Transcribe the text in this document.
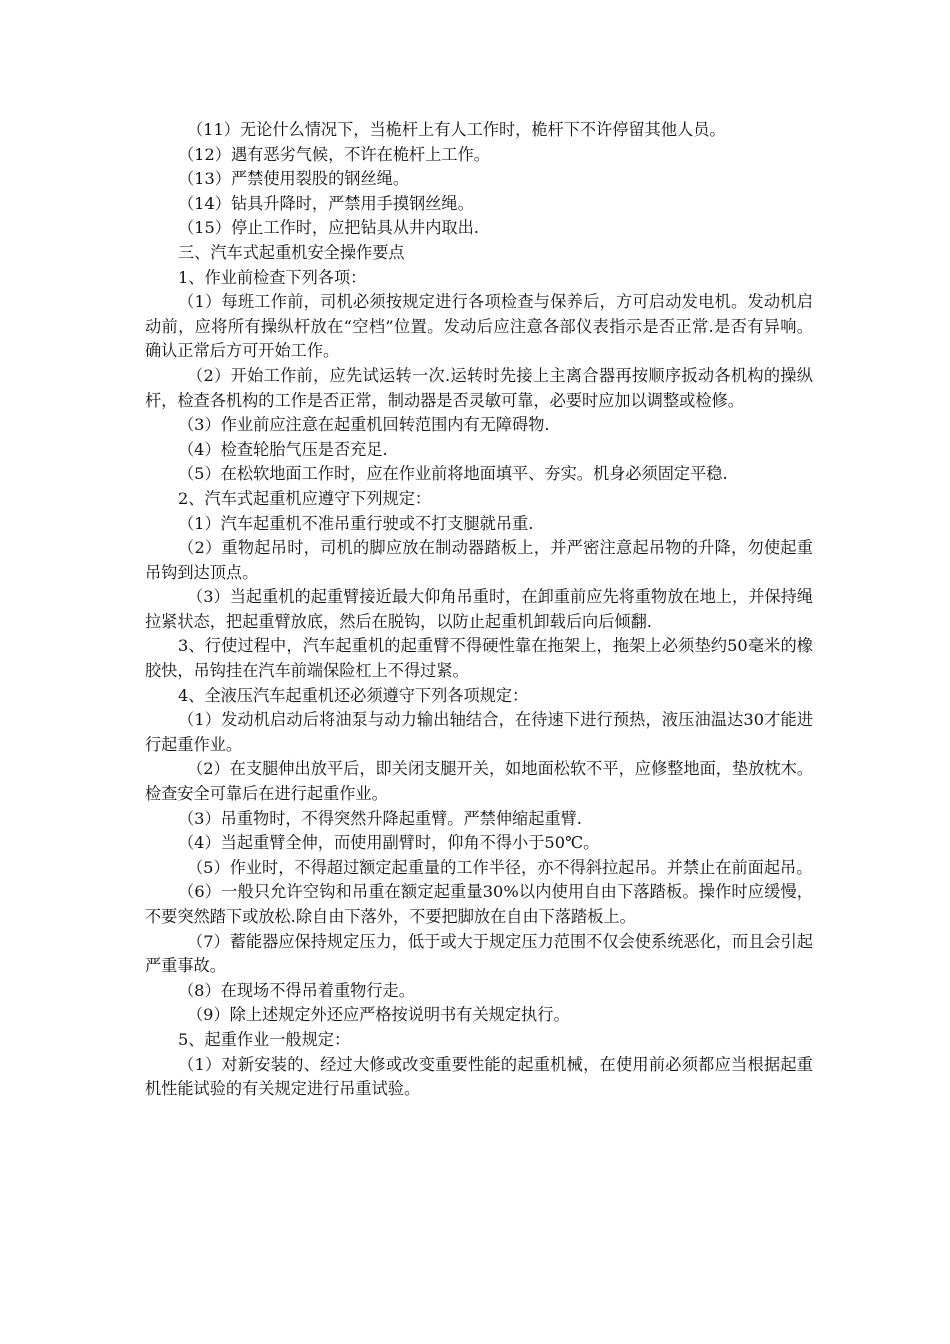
（11）无论什么情况下，当桅杆上有人工作时，桅杆下不许停留其他人员。

（12）遇有恶劣气候，不许在桅杆上工作。

（13）严禁使用裂股的钢丝绳。

（14）钻具升降时，严禁用手摸钢丝绳。

（15）停止工作时，应把钻具从井内取出.

三、汽车式起重机安全操作要点

1、作业前检查下列各项：

（1）每班工作前，司机必须按规定进行各项检查与保养后，方可启动发电机。发动机启动前，应将所有操纵杆放在“空档”位置。发动后应注意各部仪表指示是否正常.是否有异响。确认正常后方可开始工作。

（2）开始工作前，应先试运转一次.运转时先接上主离合器再按顺序扳动各机构的操纵杆，检查各机构的工作是否正常，制动器是否灵敏可靠，必要时应加以调整或检修。

（3）作业前应注意在起重机回转范围内有无障碍物.

（4）检查轮胎气压是否充足.

（5）在松软地面工作时，应在作业前将地面填平、夯实。机身必须固定平稳.

2、汽车式起重机应遵守下列规定：

（1）汽车起重机不准吊重行驶或不打支腿就吊重.

（2）重物起吊时，司机的脚应放在制动器踏板上，并严密注意起吊物的升降，勿使起重吊钩到达顶点。

（3）当起重机的起重臂接近最大仰角吊重时，在卸重前应先将重物放在地上，并保持绳拉紧状态，把起重臂放底，然后在脱钩，以防止起重机卸载后向后倾翻.

3、行使过程中，汽车起重机的起重臂不得硬性靠在拖架上，拖架上必须垫约50毫米的橡胶快，吊钩挂在汽车前端保险杠上不得过紧。

4、全液压汽车起重机还必须遵守下列各项规定：

（1）发动机启动后将油泵与动力输出轴结合，在待速下进行预热，液压油温达30才能进行起重作业。

（2）在支腿伸出放平后，即关闭支腿开关，如地面松软不平，应修整地面，垫放枕木。检查安全可靠后在进行起重作业。

（3）吊重物时，不得突然升降起重臂。严禁伸缩起重臂.

（4）当起重臂全伸，而使用副臂时，仰角不得小于50℃。

（5）作业时，不得超过额定起重量的工作半径，亦不得斜拉起吊。并禁止在前面起吊。

（6）一般只允许空钩和吊重在额定起重量30%以内使用自由下落踏板。操作时应缓慢，不要突然踏下或放松.除自由下落外，不要把脚放在自由下落踏板上。

（7）蓄能器应保持规定压力，低于或大于规定压力范围不仅会使系统恶化，而且会引起严重事故。

（8）在现场不得吊着重物行走。

（9）除上述规定外还应严格按说明书有关规定执行。

5、起重作业一般规定：

（1）对新安装的、经过大修或改变重要性能的起重机械，在使用前必须都应当根据起重机性能试验的有关规定进行吊重试验。
